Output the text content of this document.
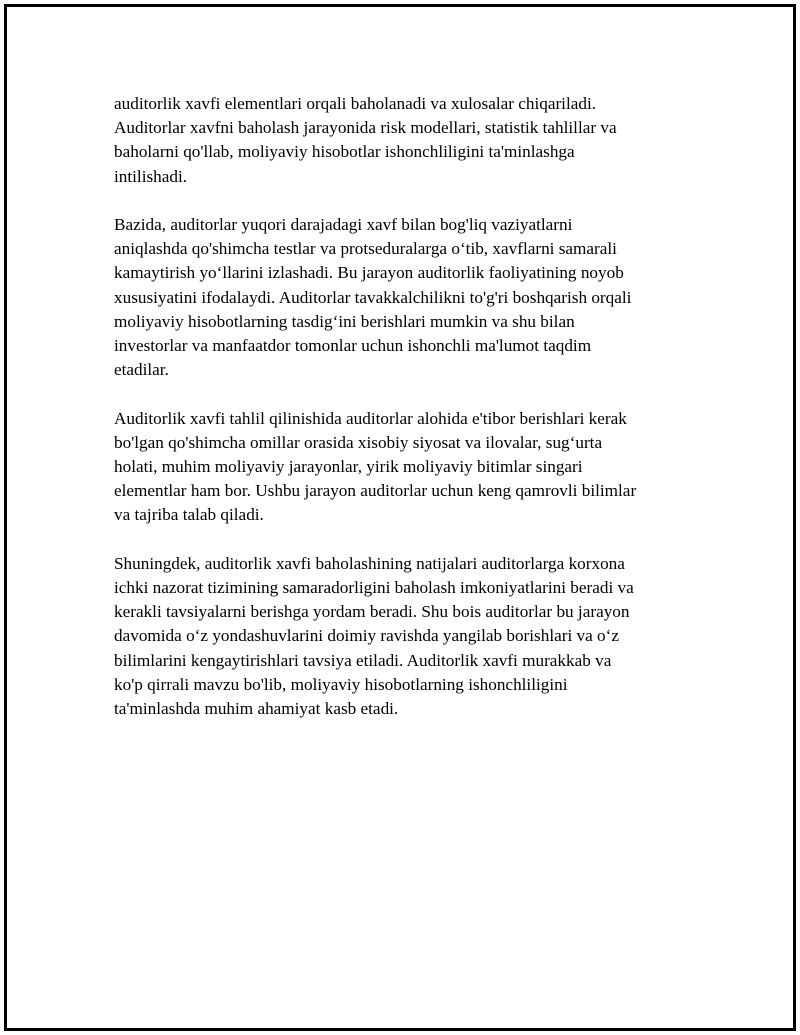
auditorlik xavfi elementlari orqali baholanadi va xulosalar chiqariladi.
Auditorlar xavfni baholash jarayonida risk modellari, statistik tahlillar va
baholarni qo'llab, moliyaviy hisobotlar ishonchliligini ta'minlashga
intilishadi.

Bazida, auditorlar yuqori darajadagi xavf bilan bog'liq vaziyatlarni
aniqlashda qo'shimcha testlar va protseduralarga o‘tib, xavflarni samarali
kamaytirish yo‘llarini izlashadi. Bu jarayon auditorlik faoliyatining noyob
xususiyatini ifodalaydi. Auditorlar tavakkalchilikni to'g'ri boshqarish orqali
moliyaviy hisobotlarning tasdig‘ini berishlari mumkin va shu bilan
investorlar va manfaatdor tomonlar uchun ishonchli ma'lumot taqdim
etadilar.

Auditorlik xavfi tahlil qilinishida auditorlar alohida e'tibor berishlari kerak
bo'lgan qo'shimcha omillar orasida xisobiy siyosat va ilovalar, sug‘urta
holati, muhim moliyaviy jarayonlar, yirik moliyaviy bitimlar singari
elementlar ham bor. Ushbu jarayon auditorlar uchun keng qamrovli bilimlar
va tajriba talab qiladi.

Shuningdek, auditorlik xavfi baholashining natijalari auditorlarga korxona
ichki nazorat tizimining samaradorligini baholash imkoniyatlarini beradi va
kerakli tavsiyalarni berishga yordam beradi. Shu bois auditorlar bu jarayon
davomida o‘z yondashuvlarini doimiy ravishda yangilab borishlari va o‘z
bilimlarini kengaytirishlari tavsiya etiladi. Auditorlik xavfi murakkab va
ko'p qirrali mavzu bo'lib, moliyaviy hisobotlarning ishonchliligini
ta'minlashda muhim ahamiyat kasb etadi.
